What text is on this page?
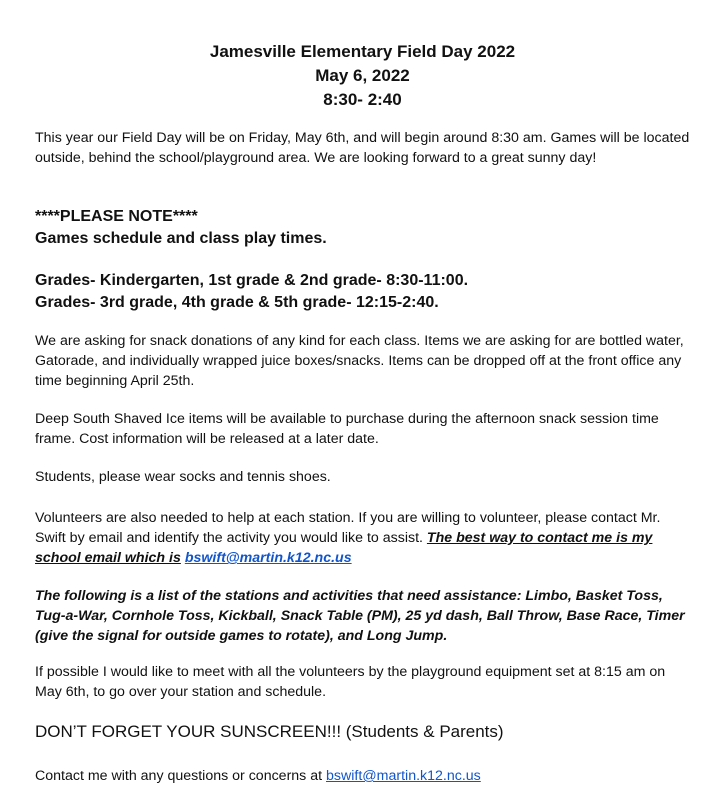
Jamesville Elementary Field Day 2022
May 6, 2022
8:30- 2:40

This year our Field Day will be on Friday, May 6th, and will begin around 8:30 am. Games will be located outside, behind the school/playground area. We are looking forward to a great sunny day!

****PLEASE NOTE****
Games schedule and class play times.
Grades- Kindergarten, 1st grade & 2nd grade- 8:30-11:00.
Grades- 3rd grade, 4th grade & 5th grade- 12:15-2:40.

We are asking for snack donations of any kind for each class. Items we are asking for are bottled water, Gatorade, and individually wrapped juice boxes/snacks. Items can be dropped off at the front office any time beginning April 25th.

Deep South Shaved Ice items will be available to purchase during the afternoon snack session time frame. Cost information will be released at a later date.

Students, please wear socks and tennis shoes.

Volunteers are also needed to help at each station. If you are willing to volunteer, please contact Mr. Swift by email and identify the activity you would like to assist. The best way to contact me is my school email which is bswift@martin.k12.nc.us

The following is a list of the stations and activities that need assistance: Limbo, Basket Toss, Tug-a-War, Cornhole Toss, Kickball, Snack Table (PM), 25 yd dash, Ball Throw, Base Race, Timer (give the signal for outside games to rotate), and Long Jump.

If possible I would like to meet with all the volunteers by the playground equipment set at 8:15 am on May 6th, to go over your station and schedule.

DON’T FORGET YOUR SUNSCREEN!!! (Students & Parents)

Contact me with any questions or concerns at bswift@martin.k12.nc.us
